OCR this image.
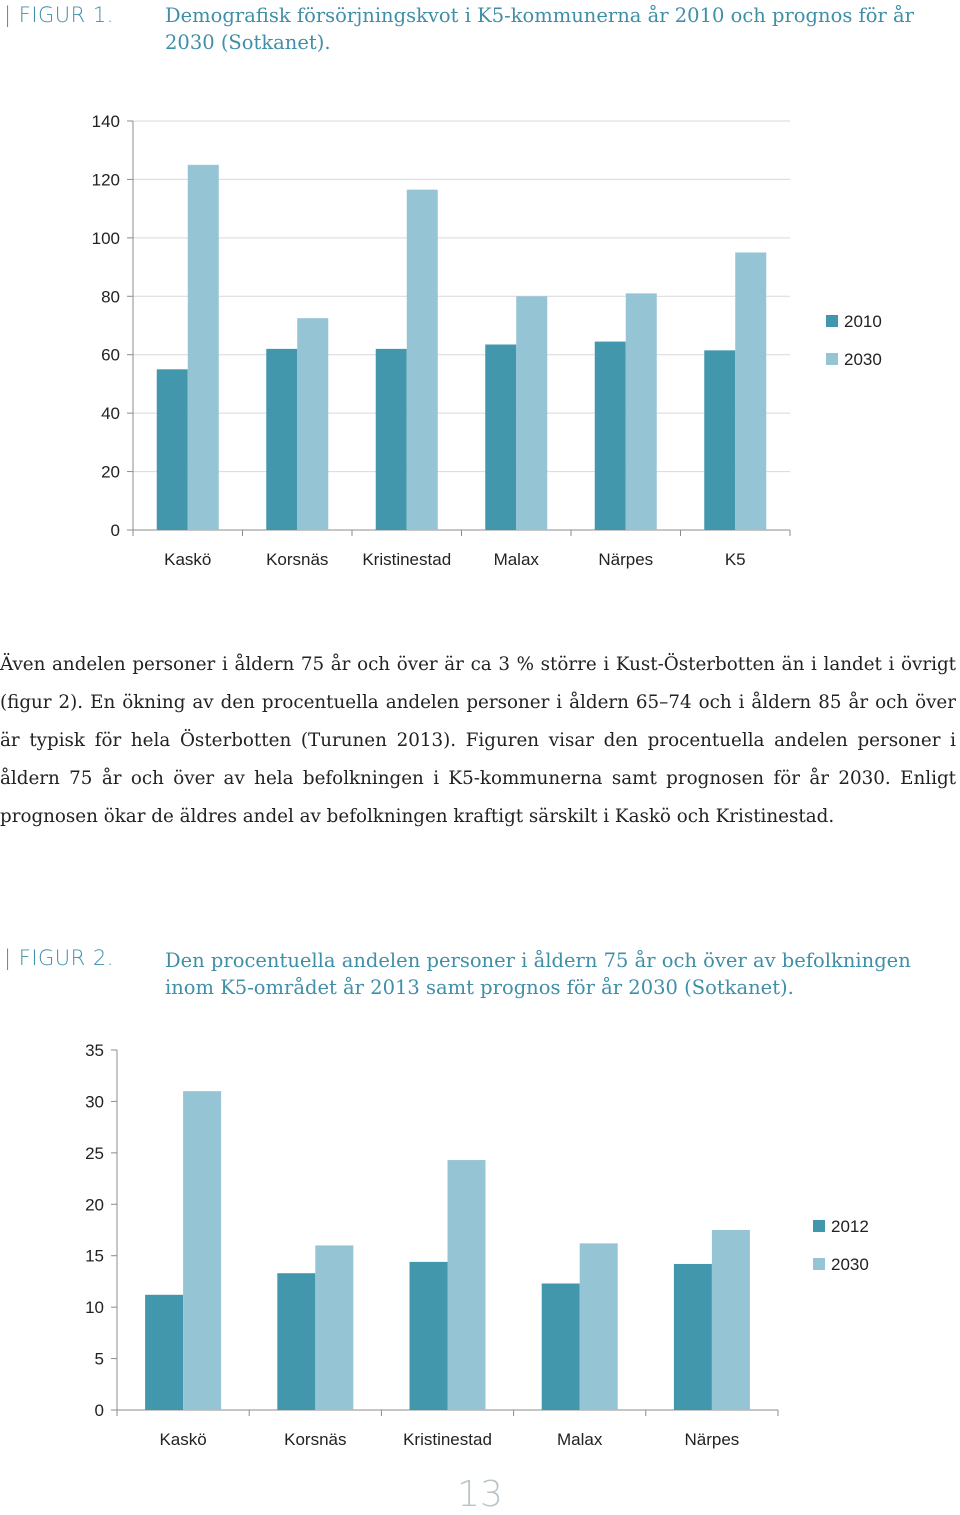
| FIGUR 1.	Demografisk försörjningskvot i K5-kommunerna år 2010 och prognos för år 2030 (Sotkanet).
0
20
40
60
80
100
120
140
Kaskö	Korsnäs Kristinestad Malax	Närpes	K5
2010
2030

Även andelen personer i åldern 75 år och över är ca 3 % större i Kust-Österbotten än i landet i övrigt (figur 2). En ökning av den procentuella andelen personer i åldern 65–74 och i åldern 85 år och över är typisk för hela Österbotten (Turunen 2013). Figuren visar den procentuella andelen personer i åldern 75 år och över av hela befolkningen i K5-kommunerna samt prognosen för år 2030. Enligt prognosen ökar de äldres andel av befolkningen kraftigt särskilt i Kaskö och Kristinestad.

| FIGUR 2.	Den procentuella andelen personer i åldern 75 år och över av befolkningen inom K5-området år 2013 samt prognos för år 2030 (Sotkanet).
0
5
10
15
20
25
30
35
Kaskö	Korsnäs	Kristinestad	Malax	Närpes
2012
2030
13
